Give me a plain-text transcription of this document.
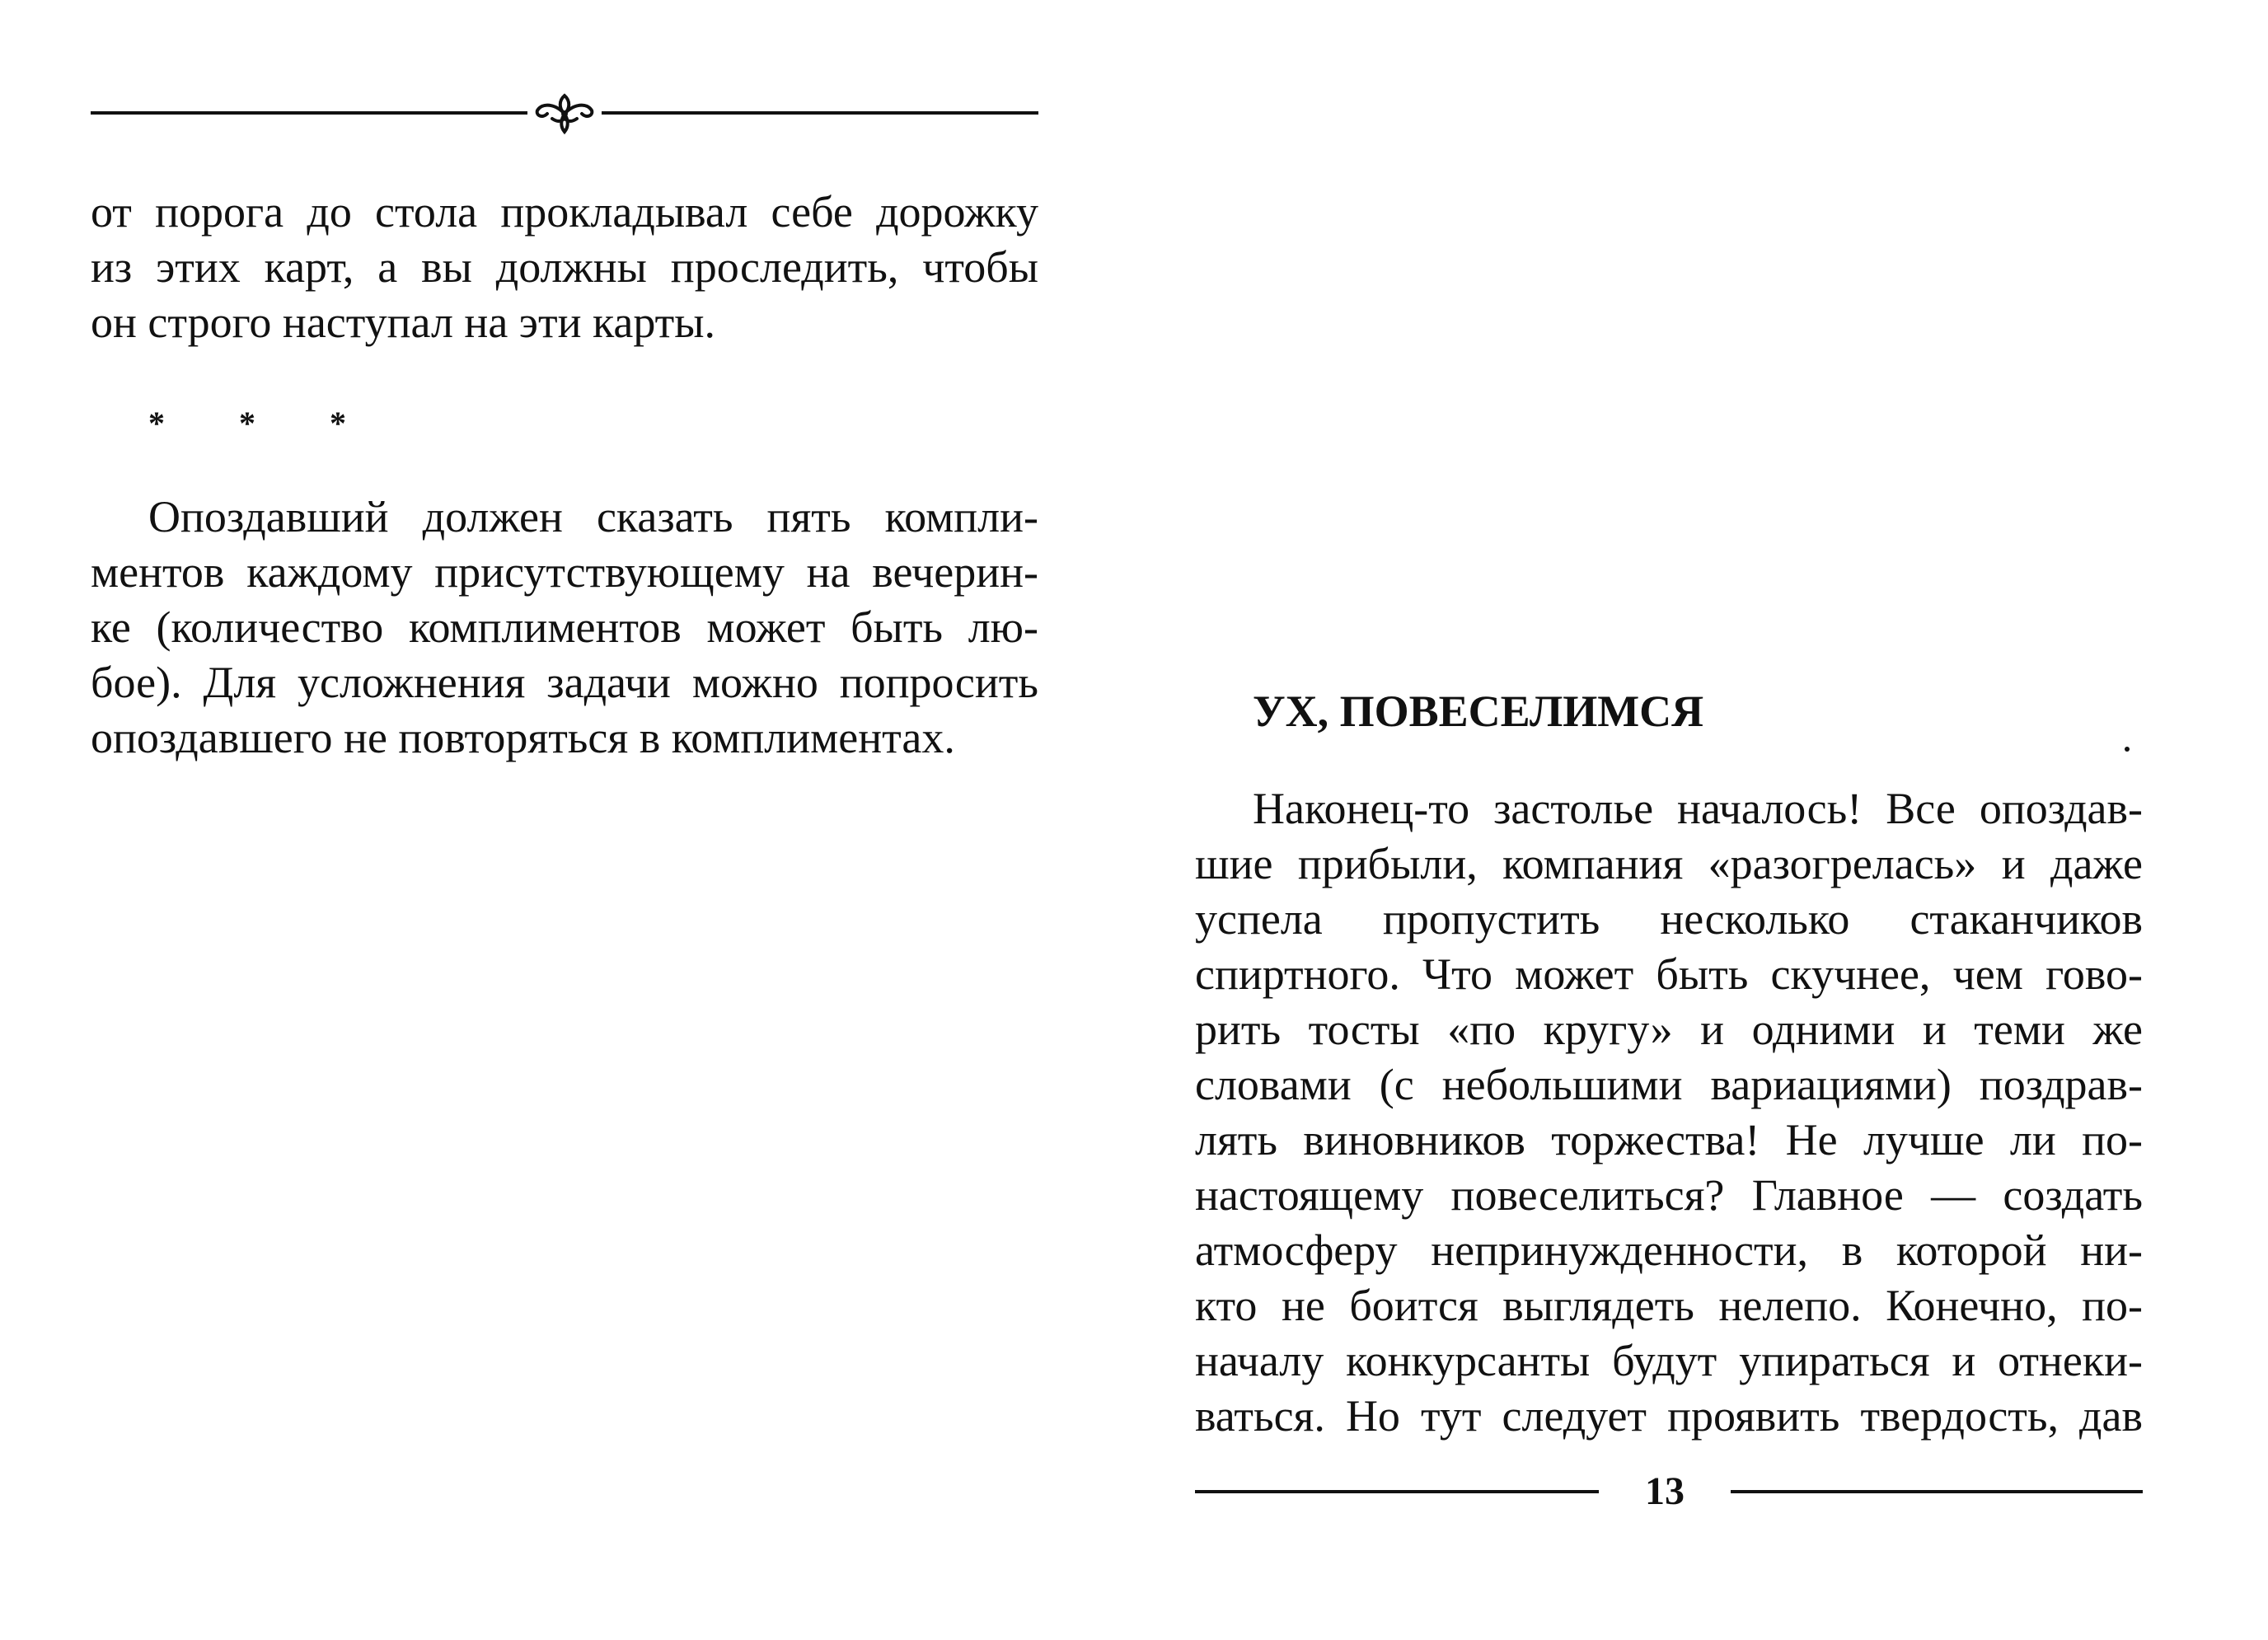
от порога до стола прокладывал себе дорожку
из этих карт, а вы должны проследить, чтобы
он строго наступал на эти карты.
* * *
Опоздавший должен сказать пять компли-
ментов каждому присутствующему на вечерин-
ке (количество комплиментов может быть лю-
бое). Для усложнения задачи можно попросить
опоздавшего не повторяться в комплиментах.
УХ, ПОВЕСЕЛИМСЯ
Наконец-то застолье началось! Все опоздав-
шие прибыли, компания «разогрелась» и даже
успела пропустить несколько стаканчиков
спиртного. Что может быть скучнее, чем гово-
рить тосты «по кругу» и одними и теми же
словами (с небольшими вариациями) поздрав-
лять виновников торжества! Не лучше ли по-
настоящему повеселиться? Главное — создать
атмосферу непринужденности, в которой ни-
кто не боится выглядеть нелепо. Конечно, по-
началу конкурсанты будут упираться и отнеки-
ваться. Но тут следует проявить твердость, дав
13
